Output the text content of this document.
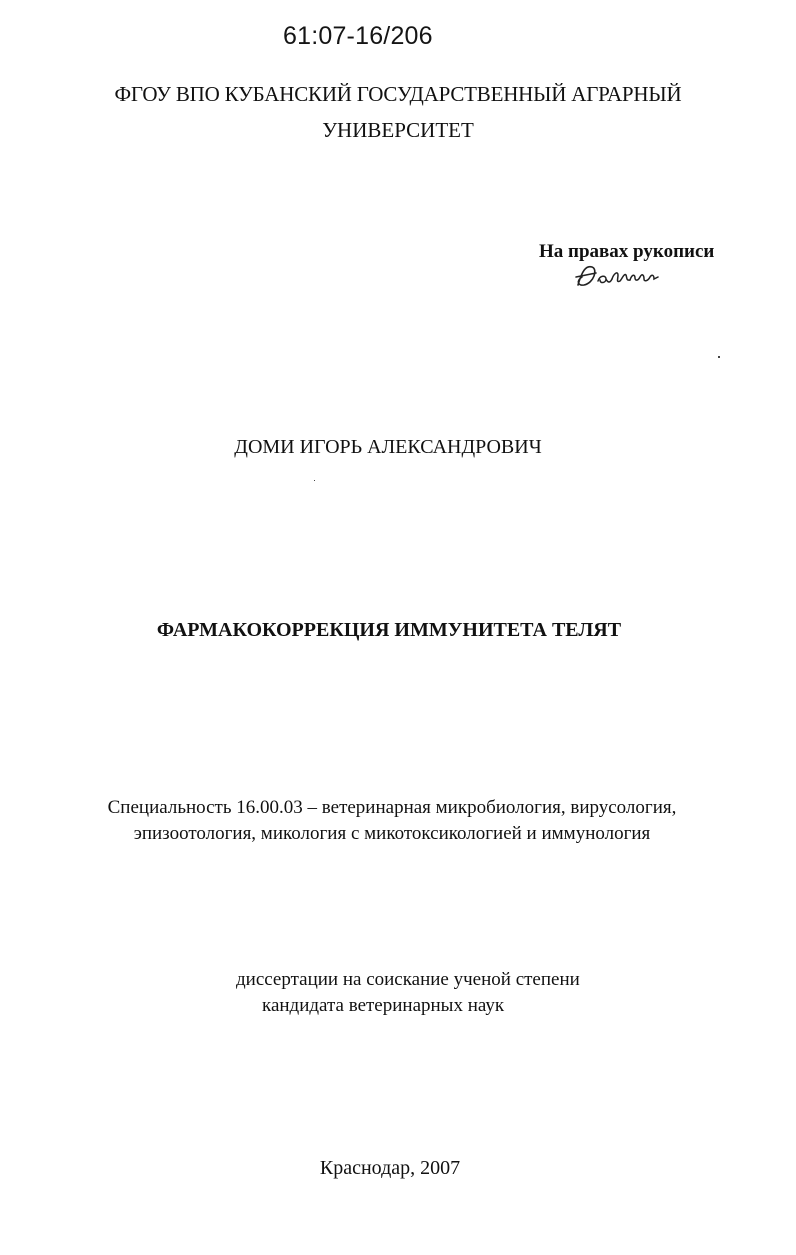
61:07-16/206
ФГОУ ВПО КУБАНСКИЙ ГОСУДАРСТВЕННЫЙ АГРАРНЫЙ
УНИВЕРСИТЕТ
На правах рукописи
ДОМИ ИГОРЬ АЛЕКСАНДРОВИЧ
ФАРМАКОКОРРЕКЦИЯ ИММУНИТЕТА ТЕЛЯТ
Специальность 16.00.03 – ветеринарная микробиология, вирусология,
эпизоотология, микология с микотоксикологией и иммунология
диссертации на соискание ученой степени
кандидата ветеринарных наук
Краснодар, 2007
